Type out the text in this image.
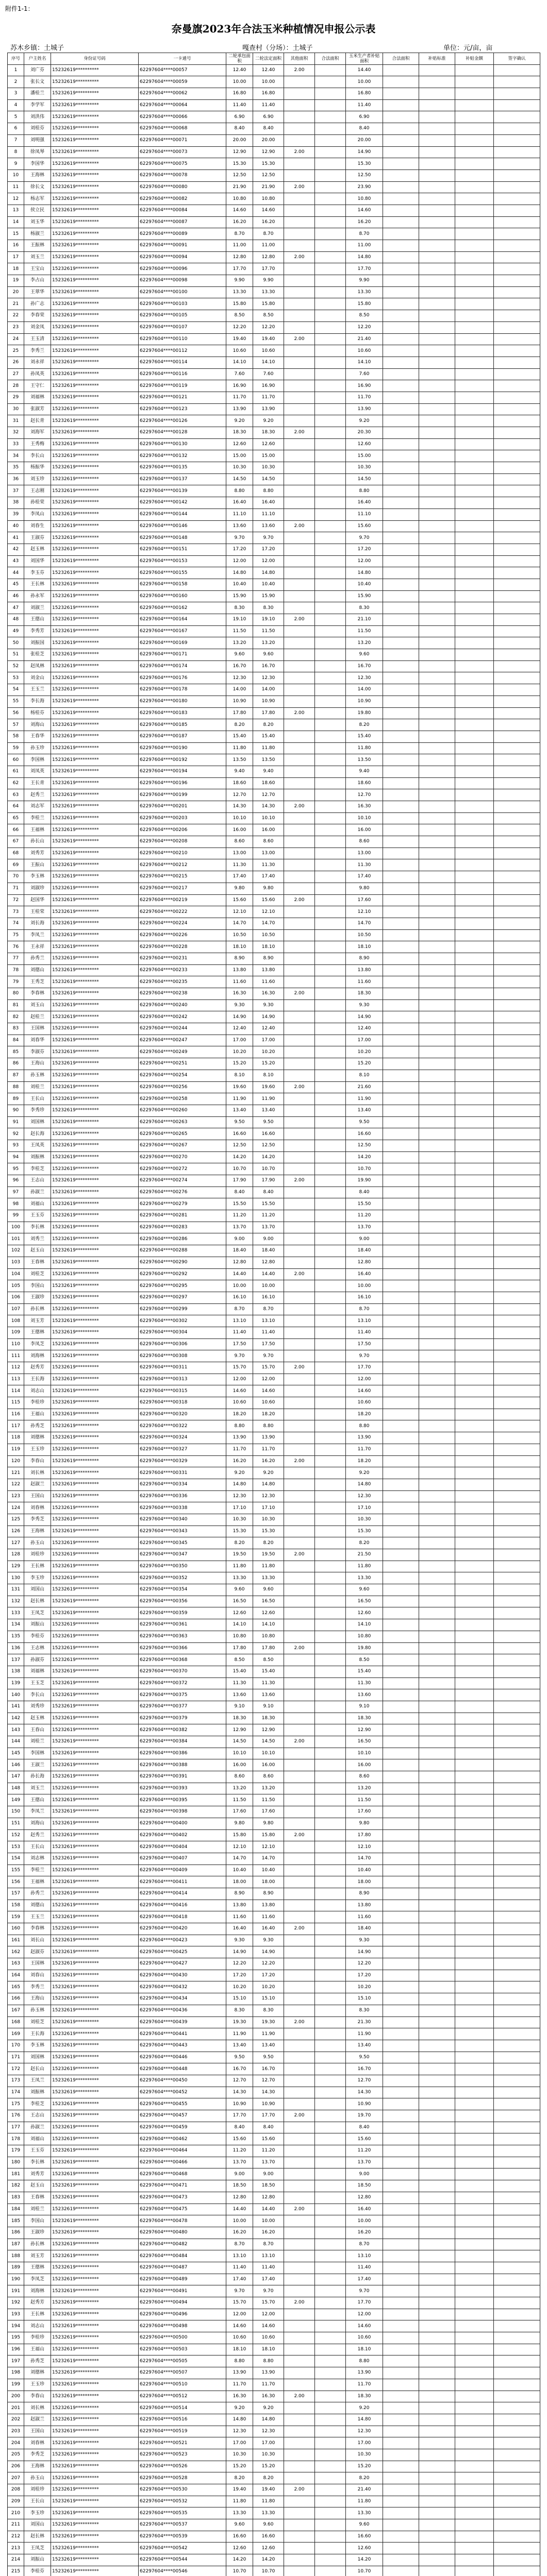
附件1-1：
奈曼旗2023年合法玉米种植情况申报公示表
苏木乡镇：土城子	嘎查村（分场）：土城子	单位：元/亩，亩
序号	户主姓名	身份证号码	一卡通号	二轮承包面积	二轮法定面积	其他面积	合法面积	玉米生产者补贴面积	合法面积	补贴标准	补贴金额	签字确认
1	刘广芬	15232619**********	62297604****00057	12.40	12.40	2.00		14.40				
2	张长文	15232619**********	62297604****00059	10.00	10.00			10.00				
3	潘桂兰	15232619**********	62297604****00062	16.80	16.80			16.80				
4	李学军	15232619**********	62297604****00064	11.40	11.40			11.40				
5	刘洪伟	15232619**********	62297604****00066	6.90	6.90			6.90				
6	刘桂芬	15232619**********	62297604****00068	8.40	8.40			8.40				
7	刘明强	15232619**********	62297604****00071	20.00	20.00			20.00				
8	徐凤琴	15232619**********	62297604****00073	12.90	12.90	2.00		14.90				
9	李国华	15232619**********	62297604****00075	15.30	15.30			15.30				
10	王海林	15232619**********	62297604****00078	12.50	12.50			12.50				
11	徐长文	15232619**********	62297604****00080	21.90	21.90	2.00		23.90				
12	杨志军	15232619**********	62297604****00082	10.80	10.80			10.80				
13	侯立民	15232619**********	62297604****00084	14.60	14.60			14.60				
14	刘玉华	15232619**********	62297604****00087	16.20	16.20			16.20				
15	杨淑兰	15232619**********	62297604****00089	8.70	8.70			8.70				
16	王振林	15232619**********	62297604****00091	11.00	11.00			11.00				
17	刘玉兰	15232619**********	62297604****00094	12.80	12.80	2.00		14.80				
18	王宝山	15232619**********	62297604****00096	17.70	17.70			17.70				
19	李占山	15232619**********	62297604****00098	9.90	9.90			9.90				
20	王翠华	15232619**********	62297604****00100	13.30	13.30			13.30				
21	孙广志	15232619**********	62297604****00103	15.80	15.80			15.80				
22	李春荣	15232619**********	62297604****00105	8.50	8.50			8.50				
23	刘金凤	15232619**********	62297604****00107	12.20	12.20			12.20				
24	王玉清	15232619**********	62297604****00110	19.40	19.40	2.00		21.40				
25	李秀兰	15232619**********	62297604****00112	10.60	10.60			10.60				
26	刘永祥	15232619**********	62297604****00114	14.10	14.10			14.10				
27	孙凤英	15232619**********	62297604****00116	7.60	7.60			7.60				
28	王守仁	15232619**********	62297604****00119	16.90	16.90			16.90				
29	刘福林	15232619**********	62297604****00121	11.70	11.70			11.70				
30	张淑芳	15232619**********	62297604****00123	13.90	13.90			13.90				
31	赵长青	15232619**********	62297604****00126	9.20	9.20			9.20				
32	刘海军	15232619**********	62297604****00128	18.30	18.30	2.00		20.30				
33	王秀梅	15232619**********	62297604****00130	12.60	12.60			12.60				
34	李长山	15232619**********	62297604****00132	15.00	15.00			15.00				
35	杨振华	15232619**********	62297604****00135	10.30	10.30			10.30				
36	刘玉珍	15232619**********	62297604****00137	14.50	14.50			14.50				
37	王志刚	15232619**********	62297604****00139	8.80	8.80			8.80				
38	孙桂荣	15232619**********	62297604****00142	16.40	16.40			16.40				
39	李凤山	15232619**********	62297604****00144	11.10	11.10			11.10				
40	刘春生	15232619**********	62297604****00146	13.60	13.60	2.00		15.60				
41	王淑芬	15232619**********	62297604****00148	9.70	9.70			9.70				
42	赵玉林	15232619**********	62297604****00151	17.20	17.20			17.20				
43	刘国华	15232619**********	62297604****00153	12.00	12.00			12.00				
44	李玉芬	15232619**********	62297604****00155	14.80	14.80			14.80				
45	王长林	15232619**********	62297604****00158	10.40	10.40			10.40				
46	孙永军	15232619**********	62297604****00160	15.90	15.90			15.90				
47	刘淑兰	15232619**********	62297604****00162	8.30	8.30			8.30				
48	王德山	15232619**********	62297604****00164	19.10	19.10	2.00		21.10				
49	李秀芳	15232619**********	62297604****00167	11.50	11.50			11.50				
50	刘振国	15232619**********	62297604****00169	13.20	13.20			13.20				
51	张桂芝	15232619**********	62297604****00171	9.60	9.60			9.60				
52	赵凤林	15232619**********	62297604****00174	16.70	16.70			16.70				
53	刘金山	15232619**********	62297604****00176	12.30	12.30			12.30				
54	王玉兰	15232619**********	62297604****00178	14.00	14.00			14.00				
55	李长海	15232619**********	62297604****00180	10.90	10.90			10.90				
56	杨桂芬	15232619**********	62297604****00183	17.80	17.80	2.00		19.80				
57	刘海山	15232619**********	62297604****00185	8.20	8.20			8.20				
58	王春华	15232619**********	62297604****00187	15.40	15.40			15.40				
59	孙玉珍	15232619**********	62297604****00190	11.80	11.80			11.80				
60	李国林	15232619**********	62297604****00192	13.50	13.50			13.50				
61	刘凤英	15232619**********	62297604****00194	9.40	9.40			9.40				
62	王长青	15232619**********	62297604****00196	18.60	18.60			18.60				
63	赵秀兰	15232619**********	62297604****00199	12.70	12.70			12.70				
64	刘志军	15232619**********	62297604****00201	14.30	14.30	2.00		16.30				
65	李桂兰	15232619**********	62297604****00203	10.10	10.10			10.10				
66	王福林	15232619**********	62297604****00206	16.00	16.00			16.00				
67	孙长山	15232619**********	62297604****00208	8.60	8.60			8.60				
68	刘秀芳	15232619**********	62297604****00210	13.00	13.00			13.00				
69	王振山	15232619**********	62297604****00212	11.30	11.30			11.30				
70	李玉林	15232619**********	62297604****00215	17.40	17.40			17.40				
71	刘淑珍	15232619**********	62297604****00217	9.80	9.80			9.80				
72	赵国华	15232619**********	62297604****00219	15.60	15.60	2.00		17.60				
73	王桂荣	15232619**********	62297604****00222	12.10	12.10			12.10				
74	刘长海	15232619**********	62297604****00224	14.70	14.70			14.70				
75	李凤兰	15232619**********	62297604****00226	10.50	10.50			10.50				
76	王永祥	15232619**********	62297604****00228	18.10	18.10			18.10				
77	孙秀兰	15232619**********	62297604****00231	8.90	8.90			8.90				
78	刘德山	15232619**********	62297604****00233	13.80	13.80			13.80				
79	王秀芝	15232619**********	62297604****00235	11.60	11.60			11.60				
80	李春林	15232619**********	62297604****00238	16.30	16.30	2.00		18.30				
81	刘玉山	15232619**********	62297604****00240	9.30	9.30			9.30				
82	赵桂兰	15232619**********	62297604****00242	14.90	14.90			14.90				
83	王国林	15232619**********	62297604****00244	12.40	12.40			12.40				
84	刘春华	15232619**********	62297604****00247	17.00	17.00			17.00				
85	李淑芬	15232619**********	62297604****00249	10.20	10.20			10.20				
86	王海山	15232619**********	62297604****00251	15.20	15.20			15.20				
87	孙玉林	15232619**********	62297604****00254	8.10	8.10			8.10				
88	刘桂兰	15232619**********	62297604****00256	19.60	19.60	2.00		21.60				
89	王长山	15232619**********	62297604****00258	11.90	11.90			11.90				
90	李秀珍	15232619**********	62297604****00260	13.40	13.40			13.40				
91	刘国林	15232619**********	62297604****00263	9.50	9.50			9.50				
92	赵长海	15232619**********	62297604****00265	16.60	16.60			16.60				
93	王凤英	15232619**********	62297604****00267	12.50	12.50			12.50				
94	刘振林	15232619**********	62297604****00270	14.20	14.20			14.20				
95	李桂芝	15232619**********	62297604****00272	10.70	10.70			10.70				
96	王志山	15232619**********	62297604****00274	17.90	17.90	2.00		19.90				
97	孙淑兰	15232619**********	62297604****00276	8.40	8.40			8.40				
98	刘福山	15232619**********	62297604****00279	15.50	15.50			15.50				
99	王玉芬	15232619**********	62297604****00281	11.20	11.20			11.20				
100	李长林	15232619**********	62297604****00283	13.70	13.70			13.70				
101	刘秀兰	15232619**********	62297604****00286	9.00	9.00			9.00				
102	赵玉山	15232619**********	62297604****00288	18.40	18.40			18.40				
103	王春林	15232619**********	62297604****00290	12.80	12.80			12.80				
104	刘桂芝	15232619**********	62297604****00292	14.40	14.40	2.00		16.40				
105	李国山	15232619**********	62297604****00295	10.00	10.00			10.00				
106	王淑珍	15232619**********	62297604****00297	16.10	16.10			16.10				
107	孙长林	15232619**********	62297604****00299	8.70	8.70			8.70				
108	刘玉芳	15232619**********	62297604****00302	13.10	13.10			13.10				
109	王德林	15232619**********	62297604****00304	11.40	11.40			11.40				
110	李凤芝	15232619**********	62297604****00306	17.50	17.50			17.50				
111	刘海林	15232619**********	62297604****00308	9.70	9.70			9.70				
112	赵秀芳	15232619**********	62297604****00311	15.70	15.70	2.00		17.70				
113	王长海	15232619**********	62297604****00313	12.00	12.00			12.00				
114	刘志山	15232619**********	62297604****00315	14.60	14.60			14.60				
115	李桂珍	15232619**********	62297604****00318	10.60	10.60			10.60				
116	王福山	15232619**********	62297604****00320	18.20	18.20			18.20				
117	孙秀芝	15232619**********	62297604****00322	8.80	8.80			8.80				
118	刘德林	15232619**********	62297604****00324	13.90	13.90			13.90				
119	王玉珍	15232619**********	62297604****00327	11.70	11.70			11.70				
120	李春山	15232619**********	62297604****00329	16.20	16.20	2.00		18.20				
121	刘长林	15232619**********	62297604****00331	9.20	9.20			9.20				
122	赵淑兰	15232619**********	62297604****00334	14.80	14.80			14.80				
123	王国山	15232619**********	62297604****00336	12.30	12.30			12.30				
124	刘春林	15232619**********	62297604****00338	17.10	17.10			17.10				
125	李秀芝	15232619**********	62297604****00340	10.30	10.30			10.30				
126	王海林	15232619**********	62297604****00343	15.30	15.30			15.30				
127	孙玉山	15232619**********	62297604****00345	8.20	8.20			8.20				
128	刘桂珍	15232619**********	62297604****00347	19.50	19.50	2.00		21.50				
129	王长林	15232619**********	62297604****00350	11.80	11.80			11.80				
130	李玉珍	15232619**********	62297604****00352	13.30	13.30			13.30				
131	刘国山	15232619**********	62297604****00354	9.60	9.60			9.60				
132	赵长林	15232619**********	62297604****00356	16.50	16.50			16.50				
133	王凤芝	15232619**********	62297604****00359	12.60	12.60			12.60				
134	刘振山	15232619**********	62297604****00361	14.10	14.10			14.10				
135	李桂芬	15232619**********	62297604****00363	10.80	10.80			10.80				
136	王志林	15232619**********	62297604****00366	17.80	17.80	2.00		19.80				
137	孙淑芬	15232619**********	62297604****00368	8.50	8.50			8.50				
138	刘福林	15232619**********	62297604****00370	15.40	15.40			15.40				
139	王玉芝	15232619**********	62297604****00372	11.30	11.30			11.30				
140	李长山	15232619**********	62297604****00375	13.60	13.60			13.60				
141	刘秀珍	15232619**********	62297604****00377	9.10	9.10			9.10				
142	赵玉林	15232619**********	62297604****00379	18.30	18.30			18.30				
143	王春山	15232619**********	62297604****00382	12.90	12.90			12.90				
144	刘桂兰	15232619**********	62297604****00384	14.50	14.50	2.00		16.50				
145	李国林	15232619**********	62297604****00386	10.10	10.10			10.10				
146	王淑兰	15232619**********	62297604****00388	16.00	16.00			16.00				
147	孙长海	15232619**********	62297604****00391	8.60	8.60			8.60				
148	刘玉兰	15232619**********	62297604****00393	13.20	13.20			13.20				
149	王德山	15232619**********	62297604****00395	11.50	11.50			11.50				
150	李凤兰	15232619**********	62297604****00398	17.60	17.60			17.60				
151	刘海山	15232619**********	62297604****00400	9.80	9.80			9.80				
152	赵秀兰	15232619**********	62297604****00402	15.80	15.80	2.00		17.80				
153	王长山	15232619**********	62297604****00404	12.10	12.10			12.10				
154	刘志林	15232619**********	62297604****00407	14.70	14.70			14.70				
155	李桂兰	15232619**********	62297604****00409	10.40	10.40			10.40				
156	王福林	15232619**********	62297604****00411	18.00	18.00			18.00				
157	孙秀兰	15232619**********	62297604****00414	8.90	8.90			8.90				
158	刘德山	15232619**********	62297604****00416	13.80	13.80			13.80				
159	王玉兰	15232619**********	62297604****00418	11.60	11.60			11.60				
160	李春林	15232619**********	62297604****00420	16.40	16.40	2.00		18.40				
161	刘长山	15232619**********	62297604****00423	9.30	9.30			9.30				
162	赵淑芬	15232619**********	62297604****00425	14.90	14.90			14.90				
163	王国林	15232619**********	62297604****00427	12.20	12.20			12.20				
164	刘春山	15232619**********	62297604****00430	17.20	17.20			17.20				
165	李秀兰	15232619**********	62297604****00432	10.20	10.20			10.20				
166	王海山	15232619**********	62297604****00434	15.10	15.10			15.10				
167	孙玉林	15232619**********	62297604****00436	8.30	8.30			8.30				
168	刘桂芝	15232619**********	62297604****00439	19.30	19.30	2.00		21.30				
169	王长海	15232619**********	62297604****00441	11.90	11.90			11.90				
170	李玉林	15232619**********	62297604****00443	13.40	13.40			13.40				
171	刘国林	15232619**********	62297604****00446	9.50	9.50			9.50				
172	赵长山	15232619**********	62297604****00448	16.70	16.70			16.70				
173	王凤兰	15232619**********	62297604****00450	12.70	12.70			12.70				
174	刘振林	15232619**********	62297604****00452	14.30	14.30			14.30				
175	李桂芝	15232619**********	62297604****00455	10.90	10.90			10.90				
176	王志山	15232619**********	62297604****00457	17.70	17.70	2.00		19.70				
177	孙淑兰	15232619**********	62297604****00459	8.40	8.40			8.40				
178	刘福山	15232619**********	62297604****00462	15.60	15.60			15.60				
179	王玉芬	15232619**********	62297604****00464	11.20	11.20			11.20				
180	李长林	15232619**********	62297604****00466	13.70	13.70			13.70				
181	刘秀芳	15232619**********	62297604****00468	9.00	9.00			9.00				
182	赵玉山	15232619**********	62297604****00471	18.50	18.50			18.50				
183	王春林	15232619**********	62297604****00473	12.80	12.80			12.80				
184	刘桂兰	15232619**********	62297604****00475	14.40	14.40	2.00		16.40				
185	李国山	15232619**********	62297604****00478	10.00	10.00			10.00				
186	王淑珍	15232619**********	62297604****00480	16.20	16.20			16.20				
187	孙长林	15232619**********	62297604****00482	8.70	8.70			8.70				
188	刘玉芳	15232619**********	62297604****00484	13.10	13.10			13.10				
189	王德林	15232619**********	62297604****00487	11.40	11.40			11.40				
190	李凤芝	15232619**********	62297604****00489	17.40	17.40			17.40				
191	刘海林	15232619**********	62297604****00491	9.70	9.70			9.70				
192	赵秀芳	15232619**********	62297604****00494	15.70	15.70	2.00		17.70				
193	王长林	15232619**********	62297604****00496	12.00	12.00			12.00				
194	刘志山	15232619**********	62297604****00498	14.60	14.60			14.60				
195	李桂珍	15232619**********	62297604****00500	10.60	10.60			10.60				
196	王福山	15232619**********	62297604****00503	18.10	18.10			18.10				
197	孙秀芝	15232619**********	62297604****00505	8.80	8.80			8.80				
198	刘德林	15232619**********	62297604****00507	13.90	13.90			13.90				
199	王玉珍	15232619**********	62297604****00510	11.70	11.70			11.70				
200	李春山	15232619**********	62297604****00512	16.30	16.30	2.00		18.30				
201	刘长林	15232619**********	62297604****00514	9.20	9.20			9.20				
202	赵淑兰	15232619**********	62297604****00516	14.80	14.80			14.80				
203	王国山	15232619**********	62297604****00519	12.30	12.30			12.30				
204	刘春林	15232619**********	62297604****00521	17.00	17.00			17.00				
205	李秀芝	15232619**********	62297604****00523	10.30	10.30			10.30				
206	王海林	15232619**********	62297604****00526	15.20	15.20			15.20				
207	孙玉山	15232619**********	62297604****00528	8.20	8.20			8.20				
208	刘桂珍	15232619**********	62297604****00530	19.40	19.40	2.00		21.40				
209	王长山	15232619**********	62297604****00532	11.80	11.80			11.80				
210	李玉珍	15232619**********	62297604****00535	13.30	13.30			13.30				
211	刘国山	15232619**********	62297604****00537	9.60	9.60			9.60				
212	赵长林	15232619**********	62297604****00539	16.60	16.60			16.60				
213	王凤芝	15232619**********	62297604****00542	12.60	12.60			12.60				
214	刘振山	15232619**********	62297604****00544	14.20	14.20			14.20				
215	李桂芬	15232619**********	62297604****00546	10.70	10.70			10.70				
